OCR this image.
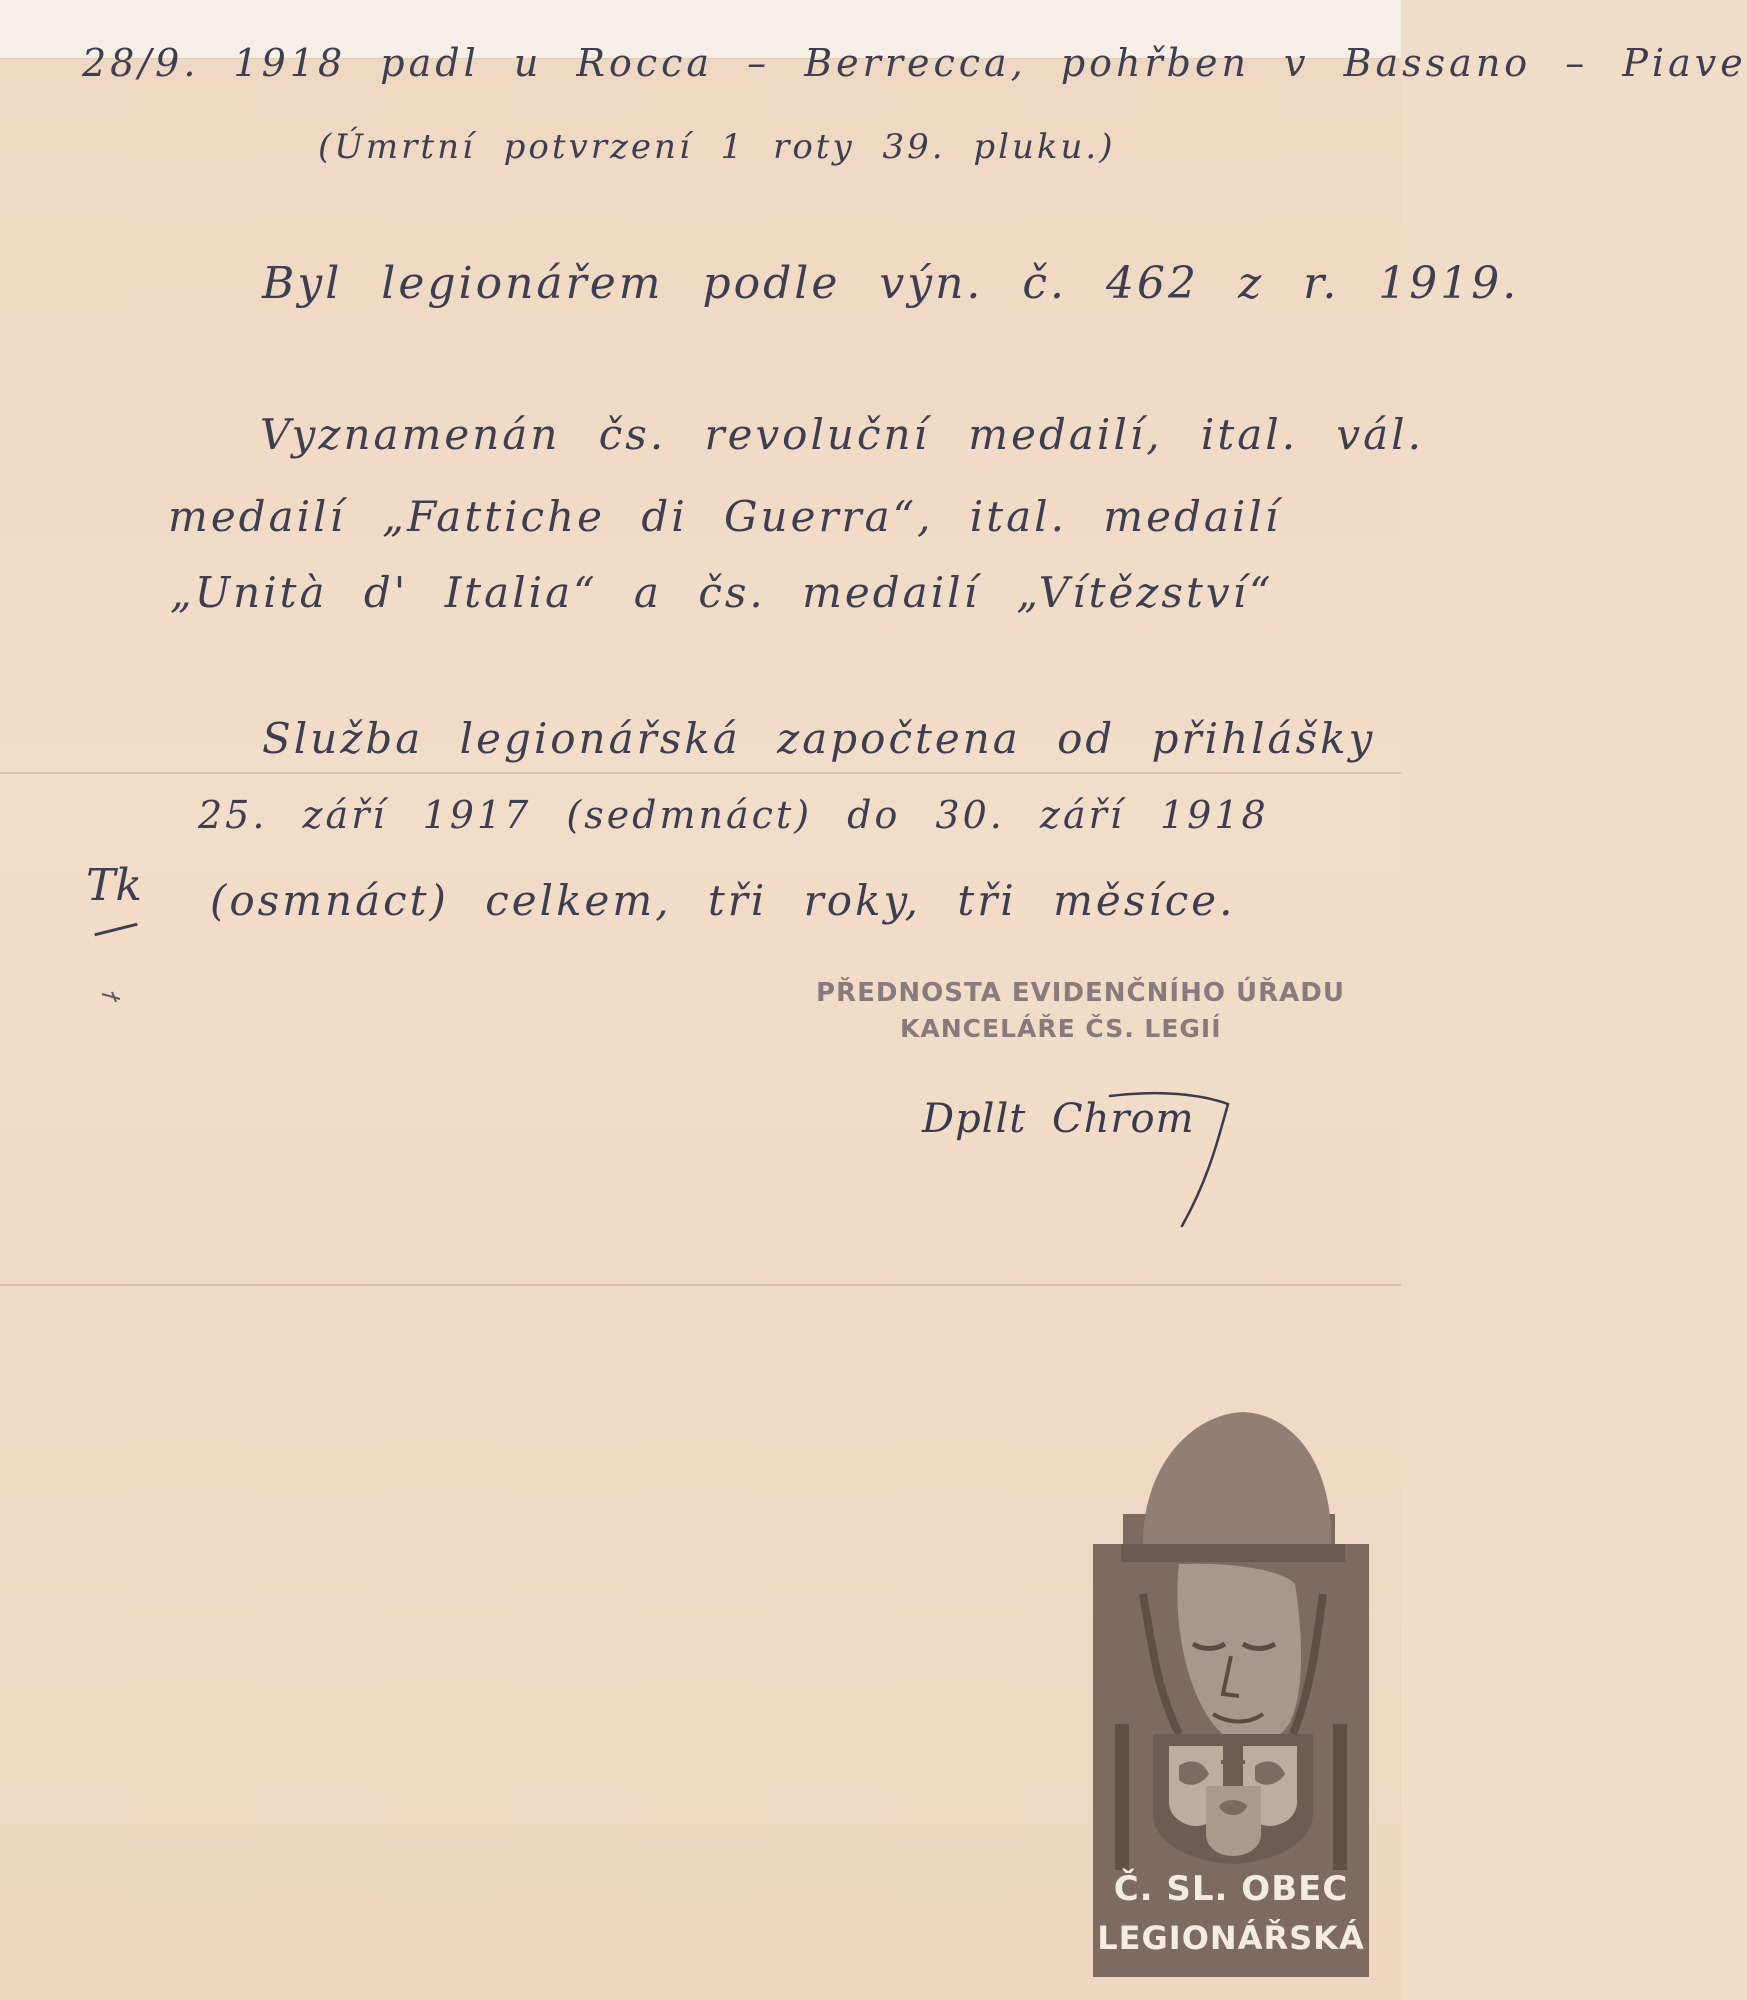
28/9. 1918 padl u Rocca – Berrecca, pohřben v Bassano – Piave

(Úmrtní potvrzení 1 roty 39. pluku.)

Byl legionářem podle výn. č. 462 z r. 1919.

Vyznamenán čs. revoluční medailí, ital. vál.

medailí „Fattiche di Guerra“, ital. medailí

„Unità d' Italia“ a čs. medailí „Vítězství“

Služba legionářská započtena od přihlášky

25. září 1917 (sedmnáct) do 30. září 1918

(osmnáct) celkem, tři roky, tři měsíce.

Tk

PŘEDNOSTA EVIDENČNÍHO ÚŘADU

KANCELÁŘE ČS. LEGIÍ

Dpllt Chrom

Č. SL. OBEC

LEGIONÁŘSKÁ
